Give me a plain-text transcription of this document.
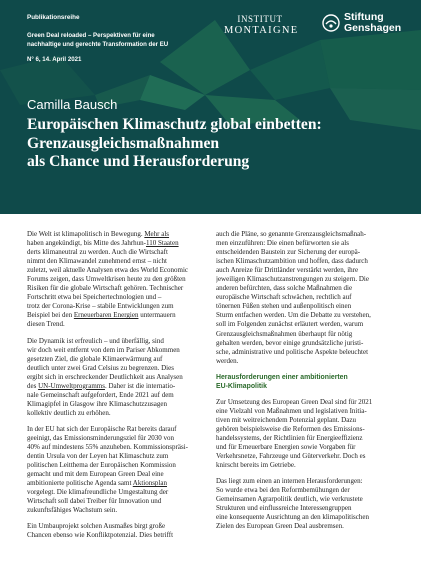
Publikationsreihe
Green Deal reloaded – Perspektiven für eine
nachhaltige und gerechte Transformation der EU
N° 6, 14. April 2021
INSTITUT
MONTAIGNE
Stiftung
Genshagen
Camilla Bausch
Europäischen Klimaschutz global einbetten:
Grenzausgleichsmaßnahmen
als Chance und Herausforderung
Die Welt ist klimapolitisch in Bewegung. Mehr als
haben angekündigt, bis Mitte des Jahrhun-110 Staaten
derts klimaneutral zu werden. Auch die Wirtschaft
nimmt den Klimawandel zunehmend ernst – nicht
zuletzt, weil aktuelle Analysen etwa des World Economic
Forums zeigen, dass Umweltkrisen heute zu den größten
Risiken für die globale Wirtschaft gehören. Technischer
Fortschritt etwa bei Speichertechnologien und –
trotz der Corona-Krise – stabile Entwicklungen zum
Beispiel bei den Erneuerbaren Energien untermauern
diesen Trend.
Die Dynamik ist erfreulich – und überfällig, sind
wir doch weit entfernt von dem im Pariser Abkommen
gesetzten Ziel, die globale Klimaerwärmung auf
deutlich unter zwei Grad Celsius zu begrenzen. Dies
ergibt sich in erschreckender Deutlichkeit aus Analysen
des UN-Umweltprogramms. Daher ist die internatio-
nale Gemeinschaft aufgefordert, Ende 2021 auf dem
Klimagipfel in Glasgow ihre Klimaschutzzusagen
kollektiv deutlich zu erhöhen.
In der EU hat sich der Europäische Rat bereits darauf
geeinigt, das Emissionsminderungsziel für 2030 von
40% auf mindestens 55% anzuheben. Kommissionspräsi-
dentin Ursula von der Leyen hat Klimaschutz zum
politischen Leitthema der Europäischen Kommission
gemacht und mit dem European Green Deal eine
ambitionierte politische Agenda samt Aktionsplan
vorgelegt. Die klimafreundliche Umgestaltung der
Wirtschaft soll dabei Treiber für Innovation und
zukunftsfähiges Wachstum sein.
Ein Umbauprojekt solchen Ausmaßes birgt große
Chancen ebenso wie Konfliktpotenzial. Dies betrifft
auch die Pläne, so genannte Grenzausgleichsmaßnah-
men einzuführen: Die einen befürworten sie als
entscheidenden Baustein zur Sicherung der europä-
ischen Klimaschutzambition und hoffen, dass dadurch
auch Anreize für Drittländer verstärkt werden, ihre
jeweiligen Klimaschutzanstrengungen zu steigern. Die
anderen befürchten, dass solche Maßnahmen die
europäische Wirtschaft schwächen, rechtlich auf
tönernen Füßen stehen und außenpolitisch einen
Sturm entfachen werden. Um die Debatte zu verstehen,
soll im Folgenden zunächst erläutert werden, warum
Grenzausgleichsmaßnahmen überhaupt für nötig
gehalten werden, bevor einige grundsätzliche juristi-
sche, administrative und politische Aspekte beleuchtet
werden.
Herausforderungen einer ambitionierten
EU-Klimapolitik
Zur Umsetzung des European Green Deal sind für 2021
eine Vielzahl von Maßnahmen und legislativen Initia-
tiven mit weitreichendem Potenzial geplant. Dazu
gehören beispielsweise die Reformen des Emissions-
handelssystems, der Richtlinien für Energieeffizienz
und für Erneuerbare Energien sowie Vorgaben für
Verkehrsnetze, Fahrzeuge und Güterverkehr. Doch es
knirscht bereits im Getriebe.
Das liegt zum einen an internen Herausforderungen:
So wurde etwa bei den Reformbemühungen der
Gemeinsamen Agrarpolitik deutlich, wie verkrustete
Strukturen und einflussreiche Interessengruppen
eine konsequente Ausrichtung an den klimapolitischen
Zielen des European Green Deal ausbremsen.
